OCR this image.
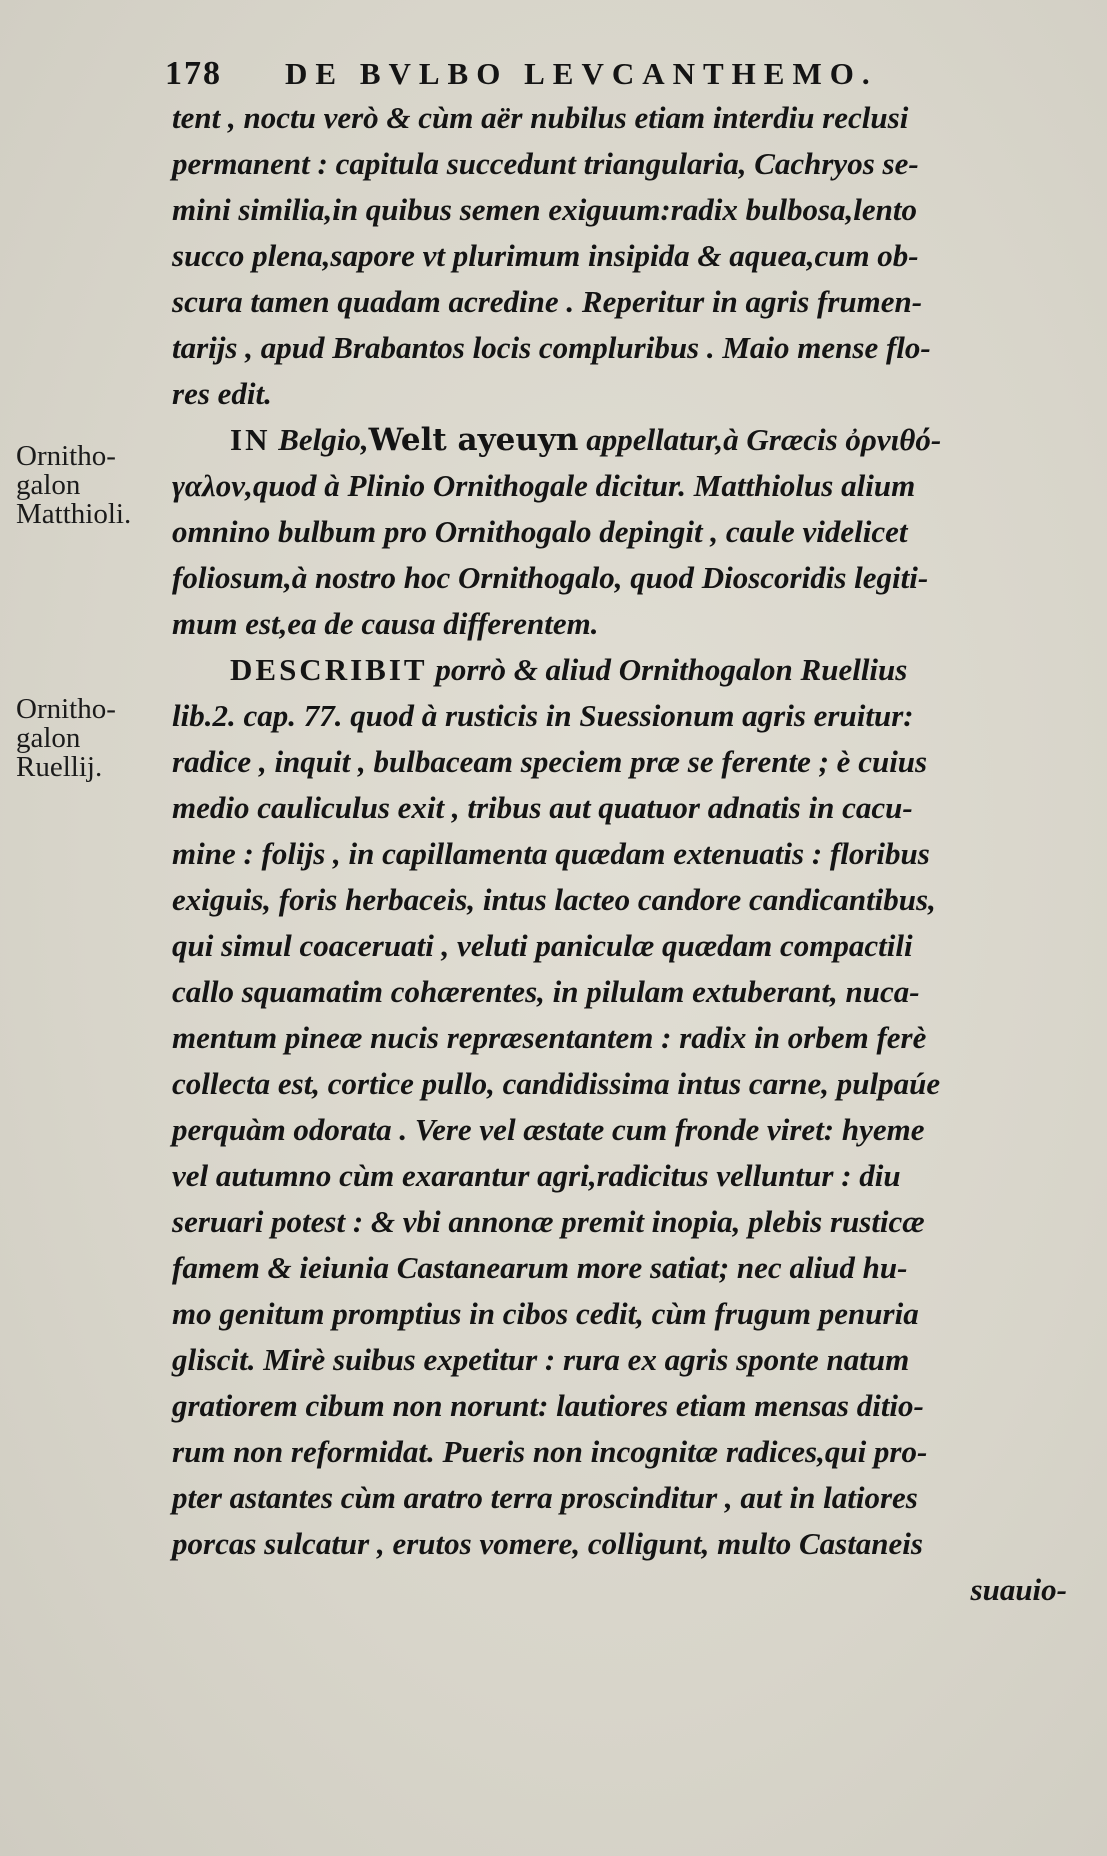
178	DE BVLBO LEVCANTHEMO.
Ornitho-
galon
Matthioli.
Ornitho-
galon
Ruellij.
tent , noctu verò & cùm aër nubilus etiam interdiu reclusi
permanent : capitula succedunt triangularia, Cachryos se-
mini similia,in quibus semen exiguum:radix bulbosa,lento
succo plena,sapore vt plurimum insipida & aquea,cum ob-
scura tamen quadam acredine . Reperitur in agris frumen-
tarijs , apud Brabantos locis compluribus . Maio mense flo-
res edit.
IN Belgio,Welt ayeuyn appellatur,à Græcis ὀρνιθό-
γαλον,quod à Plinio Ornithogale dicitur. Matthiolus alium
omnino bulbum pro Ornithogalo depingit , caule videlicet
foliosum,à nostro hoc Ornithogalo, quod Dioscoridis legiti-
mum est,ea de causa differentem.
DESCRIBIT porrò & aliud Ornithogalon Ruellius
lib.2. cap. 77. quod à rusticis in Suessionum agris eruitur:
radice , inquit , bulbaceam speciem præ se ferente ; è cuius
medio cauliculus exit , tribus aut quatuor adnatis in cacu-
mine : folijs , in capillamenta quædam extenuatis : floribus
exiguis, foris herbaceis, intus lacteo candore candicantibus,
qui simul coaceruati , veluti paniculæ quædam compactili
callo squamatim cohærentes, in pilulam extuberant, nuca-
mentum pineæ nucis repræsentantem : radix in orbem ferè
collecta est, cortice pullo, candidissima intus carne, pulpaúe
perquàm odorata . Vere vel æstate cum fronde viret: hyeme
vel autumno cùm exarantur agri,radicitus velluntur : diu
seruari potest : & vbi annonæ premit inopia, plebis rusticæ
famem & ieiunia Castanearum more satiat; nec aliud hu-
mo genitum promptius in cibos cedit, cùm frugum penuria
gliscit. Mirè suibus expetitur : rura ex agris sponte natum
gratiorem cibum non norunt: lautiores etiam mensas ditio-
rum non reformidat. Pueris non incognitæ radices,qui pro-
pter astantes cùm aratro terra proscinditur , aut in latiores
porcas sulcatur , erutos vomere, colligunt, multo Castaneis
suauio-
